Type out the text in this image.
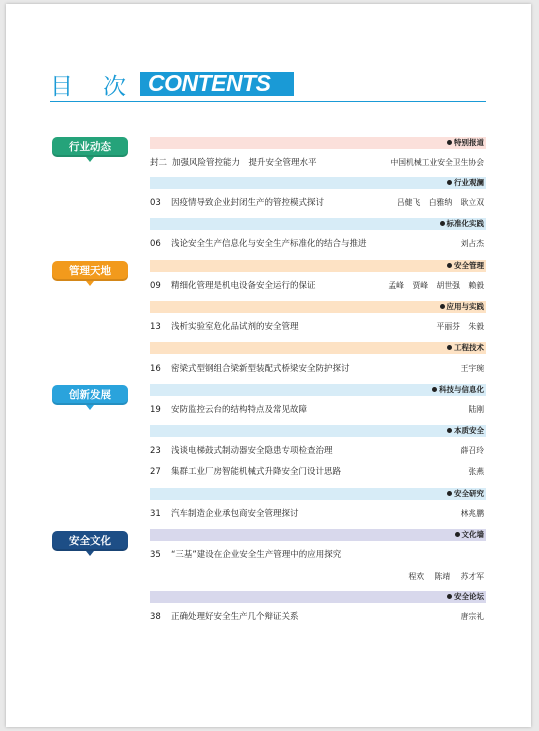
目 次 CONTENTS
行业动态
管理天地
创新发展
安全文化
特别报道
行业观澜
标准化实践
安全管理
应用与实践
工程技术
科技与信息化
本质安全
安全研究
文化墙
安全论坛
封二 加强风险管控能力　提升安全管理水平	中国机械工业安全卫生协会
03 因疫情导致企业封闭生产的管控模式探讨	吕健飞 白雅纳 耿立双
06 浅论安全生产信息化与安全生产标准化的结合与推进	刘占杰
09 精细化管理是机电设备安全运行的保证	孟峰 贾峰 胡世强 赖毅
13 浅析实验室危化品试剂的安全管理	平丽芬 朱毅
16 密梁式型钢组合梁新型装配式桥梁安全防护探讨	王宇琬
19 安防监控云台的结构特点及常见故障	陆刚
23 浅谈电梯鼓式制动器安全隐患专项检查治理	薛召玲
27 集群工业厂房智能机械式升降安全门设计思路	张燕
31 汽车制造企业承包商安全管理探讨	林兆鹏
35 “三基”建设在企业安全生产管理中的应用探究
程欢 陈靖 苏才军
38 正确处理好安全生产几个辩证关系	唐宗礼
